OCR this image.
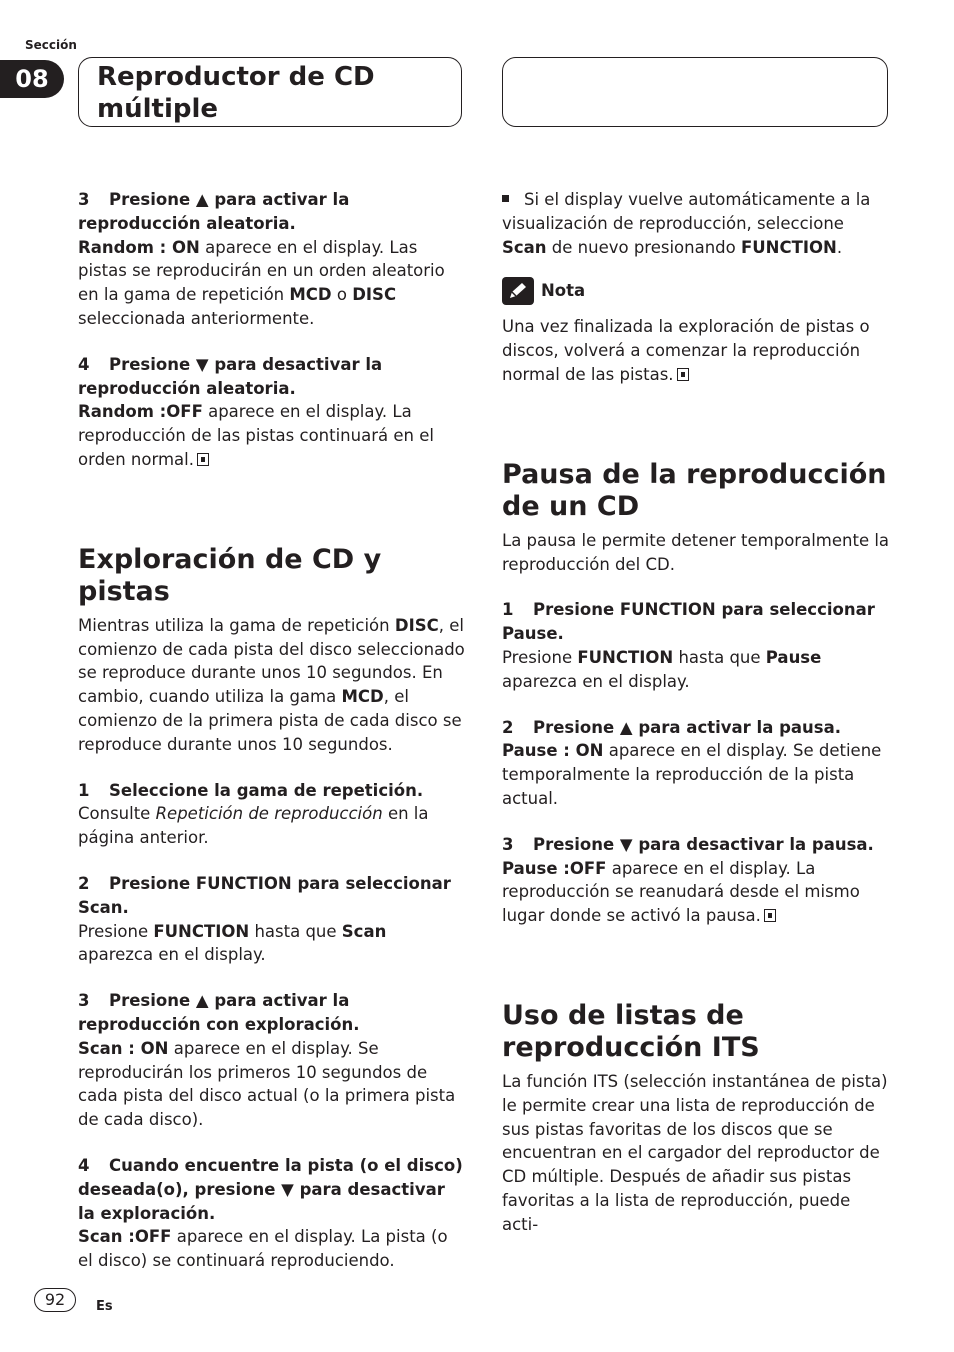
Sección
08	Reproductor de CD múltiple

3 Presione ▲ para activar la reproducción aleatoria.

Random : ON aparece en el display. Las pistas se reproducirán en un orden aleatorio en la gama de repetición MCD o DISC seleccionada anteriormente.

4 Presione ▼ para desactivar la reproducción aleatoria.

Random :OFF aparece en el display. La reproducción de las pistas continuará en el orden normal.

Exploración de CD y pistas

Mientras utiliza la gama de repetición DISC, el comienzo de cada pista del disco seleccionado se reproduce durante unos 10 segundos. En cambio, cuando utiliza la gama MCD, el comienzo de la primera pista de cada disco se reproduce durante unos 10 segundos.

1 Seleccione la gama de repetición.

Consulte Repetición de reproducción en la página anterior.

2 Presione FUNCTION para seleccionar Scan.

Presione FUNCTION hasta que Scan aparezca en el display.

3 Presione ▲ para activar la reproducción con exploración.

Scan : ON aparece en el display. Se reproducirán los primeros 10 segundos de cada pista del disco actual (o la primera pista de cada disco).

4 Cuando encuentre la pista (o el disco) deseada(o), presione ▼ para desactivar la exploración.

Scan :OFF aparece en el display. La pista (o el disco) se continuará reproduciendo.

Si el display vuelve automáticamente a la visualización de reproducción, seleccione Scan de nuevo presionando FUNCTION.

Nota

Una vez finalizada la exploración de pistas o discos, volverá a comenzar la reproducción normal de las pistas.

Pausa de la reproducción de un CD

La pausa le permite detener temporalmente la reproducción del CD.

1 Presione FUNCTION para seleccionar Pause.

Presione FUNCTION hasta que Pause aparezca en el display.

2 Presione ▲ para activar la pausa.

Pause : ON aparece en el display. Se detiene temporalmente la reproducción de la pista actual.

3 Presione ▼ para desactivar la pausa.

Pause :OFF aparece en el display. La reproducción se reanudará desde el mismo lugar donde se activó la pausa.

Uso de listas de reproducción ITS

La función ITS (selección instantánea de pista) le permite crear una lista de reproducción de sus pistas favoritas de los discos que se encuentran en el cargador del reproductor de CD múltiple. Después de añadir sus pistas favoritas a la lista de reproducción, puede acti-

92	Es
